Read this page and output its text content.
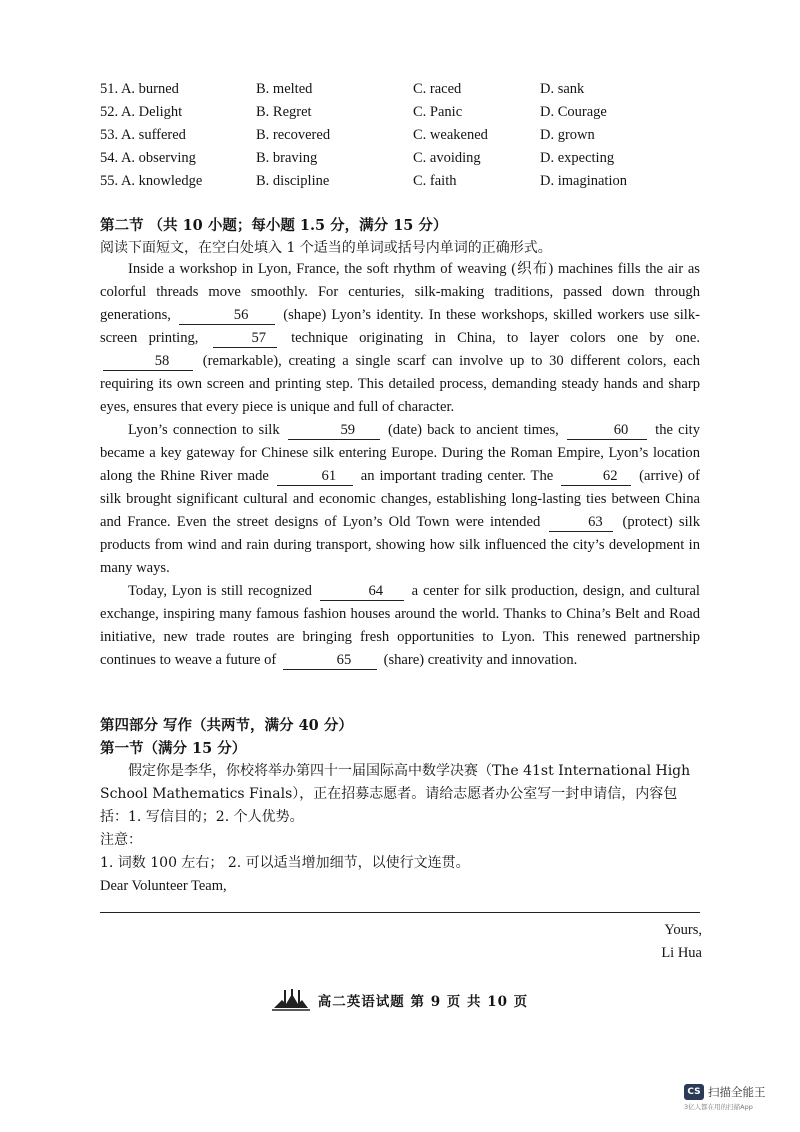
51. A. burned	B. melted	C. raced	D. sank
52. A. Delight	B. Regret	C. Panic	D. Courage
53. A. suffered	B. recovered	C. weakened	D. grown
54. A. observing	B. braving	C. avoiding	D. expecting
55. A. knowledge	B. discipline	C. faith	D. imagination
第二节 （共 10 小题；每小题 1.5 分，满分 15 分）
阅读下面短文，在空白处填入 1 个适当的单词或括号内单词的正确形式。

Inside a workshop in Lyon, France, the soft rhythm of weaving (织布) machines fills the air as colorful threads move smoothly. For centuries, silk-making traditions, passed down through generations,	56 (shape) Lyon’s identity. In these workshops, skilled workers use silk-screen printing,	57 technique originating in China, to layer colors one by one. 58 (remarkable), creating a single scarf can involve up to 30 different colors, each requiring its own screen and printing step. This detailed process, demanding steady hands and sharp eyes, ensures that every piece is unique and full of character.

Lyon’s connection to silk	59 (date) back to ancient times,	60 the city became a key gateway for Chinese silk entering Europe. During the Roman Empire, Lyon’s location along the Rhine River made	61 an important trading center. The	62 (arrive) of silk brought significant cultural and economic changes, establishing long-lasting ties between China and France. Even the street designs of Lyon’s Old Town were intended	63 (protect) silk products from wind and rain during transport, showing how silk influenced the city’s development in many ways.

Today, Lyon is still recognized	64 a center for silk production, design, and cultural exchange, inspiring many famous fashion houses around the world. Thanks to China’s Belt and Road initiative, new trade routes are bringing fresh opportunities to Lyon. This renewed partnership continues to weave a future of	65 (share) creativity and innovation.

第四部分 写作（共两节，满分 40 分）
第一节（满分 15 分）
假定你是李华，你校将举办第四十一届国际高中数学决赛（The 41st International High School Mathematics Finals），正在招募志愿者。请给志愿者办公室写一封申请信，内容包括：1. 写信目的；2. 个人优势。
注意：
1. 词数 100 左右； 2. 可以适当增加细节，以使行文连贯。
Dear Volunteer Team,
Yours,
Li Hua
高二英语试题 第 9 页 共 10 页
CS 扫描全能王
3亿人都在用的扫描App
